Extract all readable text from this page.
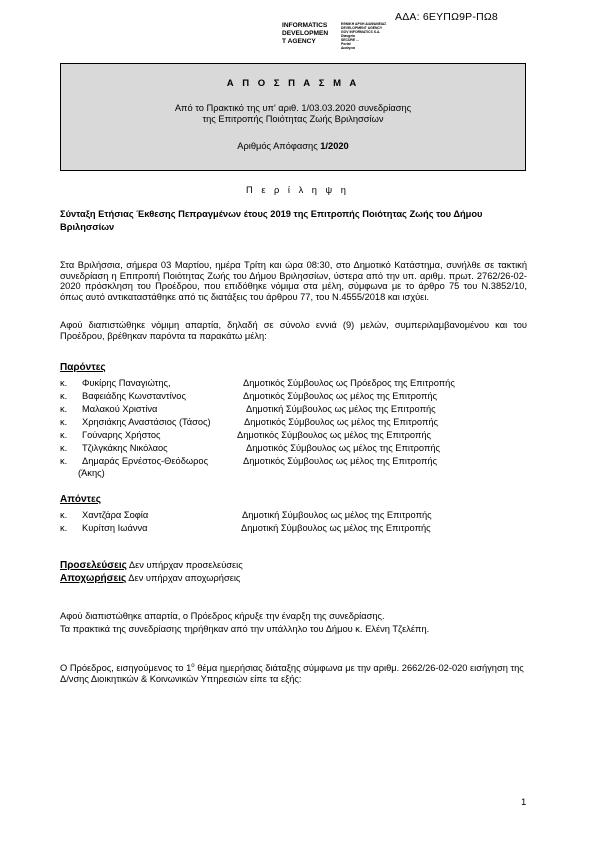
ΑΔΑ: 6ΕΥΠΩ9Ρ-ΠΩ8
INFORMATICS
DEVELOPMEN
T AGENCY
ΕΘΝΙΚΗ ΑΡΧΗ ΔΙΑΦΑΝΕΙΑΣ
DEVELOPMENT AGENCY
GOV INFORMATICS S.A.
Diavgeia
SECURE ...
Portal
Διαύγεια
Α Π Ο Σ Π Α Σ Μ Α
Από το Πρακτικό της υπ' αριθ. 1/03.03.2020 συνεδρίασης
της Επιτροπής Ποιότητας Ζωής Βριλησσίων
Αριθμός Απόφασης 1/2020
Π ε ρ ί λ η ψ η
Σύνταξη Ετήσιας Έκθεσης Πεπραγμένων έτους 2019 της Επιτροπής Ποιότητας Ζωής του Δήμου Βριλησσίων
Στα Βριλήσσια, σήμερα 03 Μαρτίου, ημέρα Τρίτη και ώρα 08:30, στο Δημοτικό Κατάστημα, συνήλθε σε τακτική συνεδρίαση η Επιτροπή Ποιότητας Ζωής του Δήμου Βριλησσίων, ύστερα από την υπ. αριθμ. πρωτ. 2762/26-02-2020 πρόσκληση του Προέδρου, που επιδόθηκε νόμιμα στα μέλη, σύμφωνα με το άρθρο 75 του Ν.3852/10, όπως αυτό αντικαταστάθηκε από τις διατάξεις του άρθρου 77, του Ν.4555/2018 και ισχύει.
Αφού διαπιστώθηκε νόμιμη απαρτία, δηλαδή σε σύνολο εννιά (9) μελών, συμπεριλαμβανομένου και του Προέδρου, βρέθηκαν παρόντα τα παρακάτω μέλη:
Παρόντες
κ. Φυκίρης Παναγιώτης,	Δημοτικός Σύμβουλος ως Πρόεδρος της Επιτροπής
κ. Βαφειάδης Κωνσταντίνος	Δημοτικός Σύμβουλος ως μέλος της Επιτροπής
κ. Μαλακού Χριστίνα	Δημοτική Σύμβουλος ως μέλος της Επιτροπής
κ. Χρησιάκης Αναστάσιος (Τάσος)	Δημοτικός Σύμβουλος ως μέλος της Επιτροπής
κ. Γούναρης Χρήστος	Δημοτικός Σύμβουλος ως μέλος της Επιτροπής
κ. Τζιλγκάκης Νικόλαος	Δημοτικός Σύμβουλος ως μέλος της Επιτροπής
κ. Δημαράς Ερνέστος-Θεόδωρος	Δημοτικός Σύμβουλος ως μέλος της Επιτροπής
(Άκης)
Απόντες
κ. Χαντζάρα Σοφία	Δημοτική Σύμβουλος ως μέλος της Επιτροπής
κ. Κυρίτση Ιωάννα	Δημοτική Σύμβουλος ως μέλος της Επιτροπής
Προσελεύσεις Δεν υπήρχαν προσελεύσεις
Αποχωρήσεις Δεν υπήρχαν αποχωρήσεις
Αφού διαπιστώθηκε απαρτία, ο Πρόεδρος κήρυξε την έναρξη της συνεδρίασης.
Τα πρακτικά της συνεδρίασης τηρήθηκαν από την υπάλληλο του Δήμου κ. Ελένη Τζελέπη.
Ο Πρόεδρος, εισηγούμενος το $1^o$ θέμα ημερήσιας διάταξης σύμφωνα με την αριθμ. 2662/26-02-020 εισήγηση της Δ/νσης Διοικητικών & Κοινωνικών Υπηρεσιών είπε τα εξής:
1
